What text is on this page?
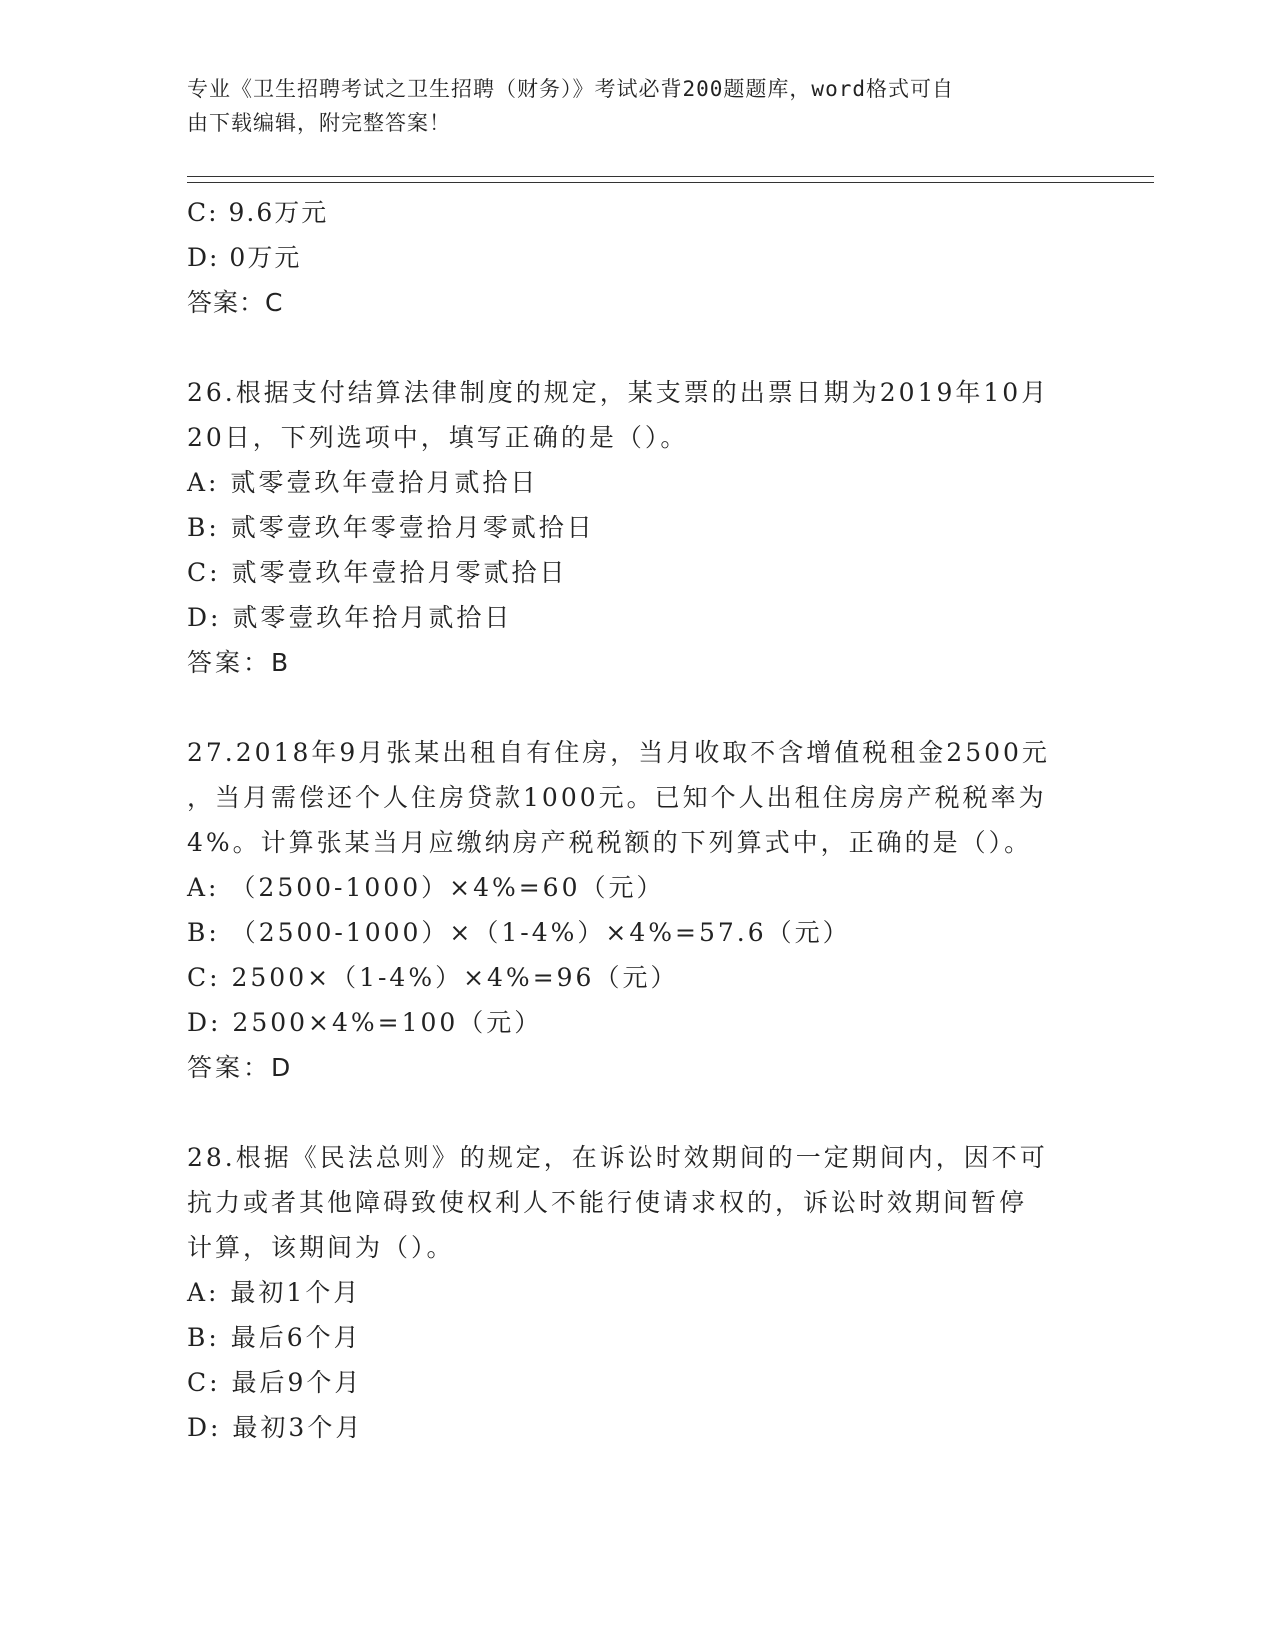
专业《卫生招聘考试之卫生招聘（财务）》考试必背200题题库，word格式可自
由下载编辑，附完整答案！
C: 9.6万元
D: 0万元
答案：C
26.根据支付结算法律制度的规定，某支票的出票日期为2019年10月
20日，下列选项中，填写正确的是（）。
A: 贰零壹玖年壹拾月贰拾日
B: 贰零壹玖年零壹拾月零贰拾日
C: 贰零壹玖年壹拾月零贰拾日
D: 贰零壹玖年拾月贰拾日
答案：B
27.2018年9月张某出租自有住房，当月收取不含增值税租金2500元
，当月需偿还个人住房贷款1000元。已知个人出租住房房产税税率为
4%。计算张某当月应缴纳房产税税额的下列算式中，正确的是（）。
A: （2500-1000）×4%=60（元）
B: （2500-1000）×（1-4%）×4%=57.6（元）
C: 2500×（1-4%）×4%=96（元）
D: 2500×4%=100（元）
答案：D
28.根据《民法总则》的规定，在诉讼时效期间的一定期间内，因不可
抗力或者其他障碍致使权利人不能行使请求权的，诉讼时效期间暂停
计算，该期间为（）。
A: 最初1个月
B: 最后6个月
C: 最后9个月
D: 最初3个月
